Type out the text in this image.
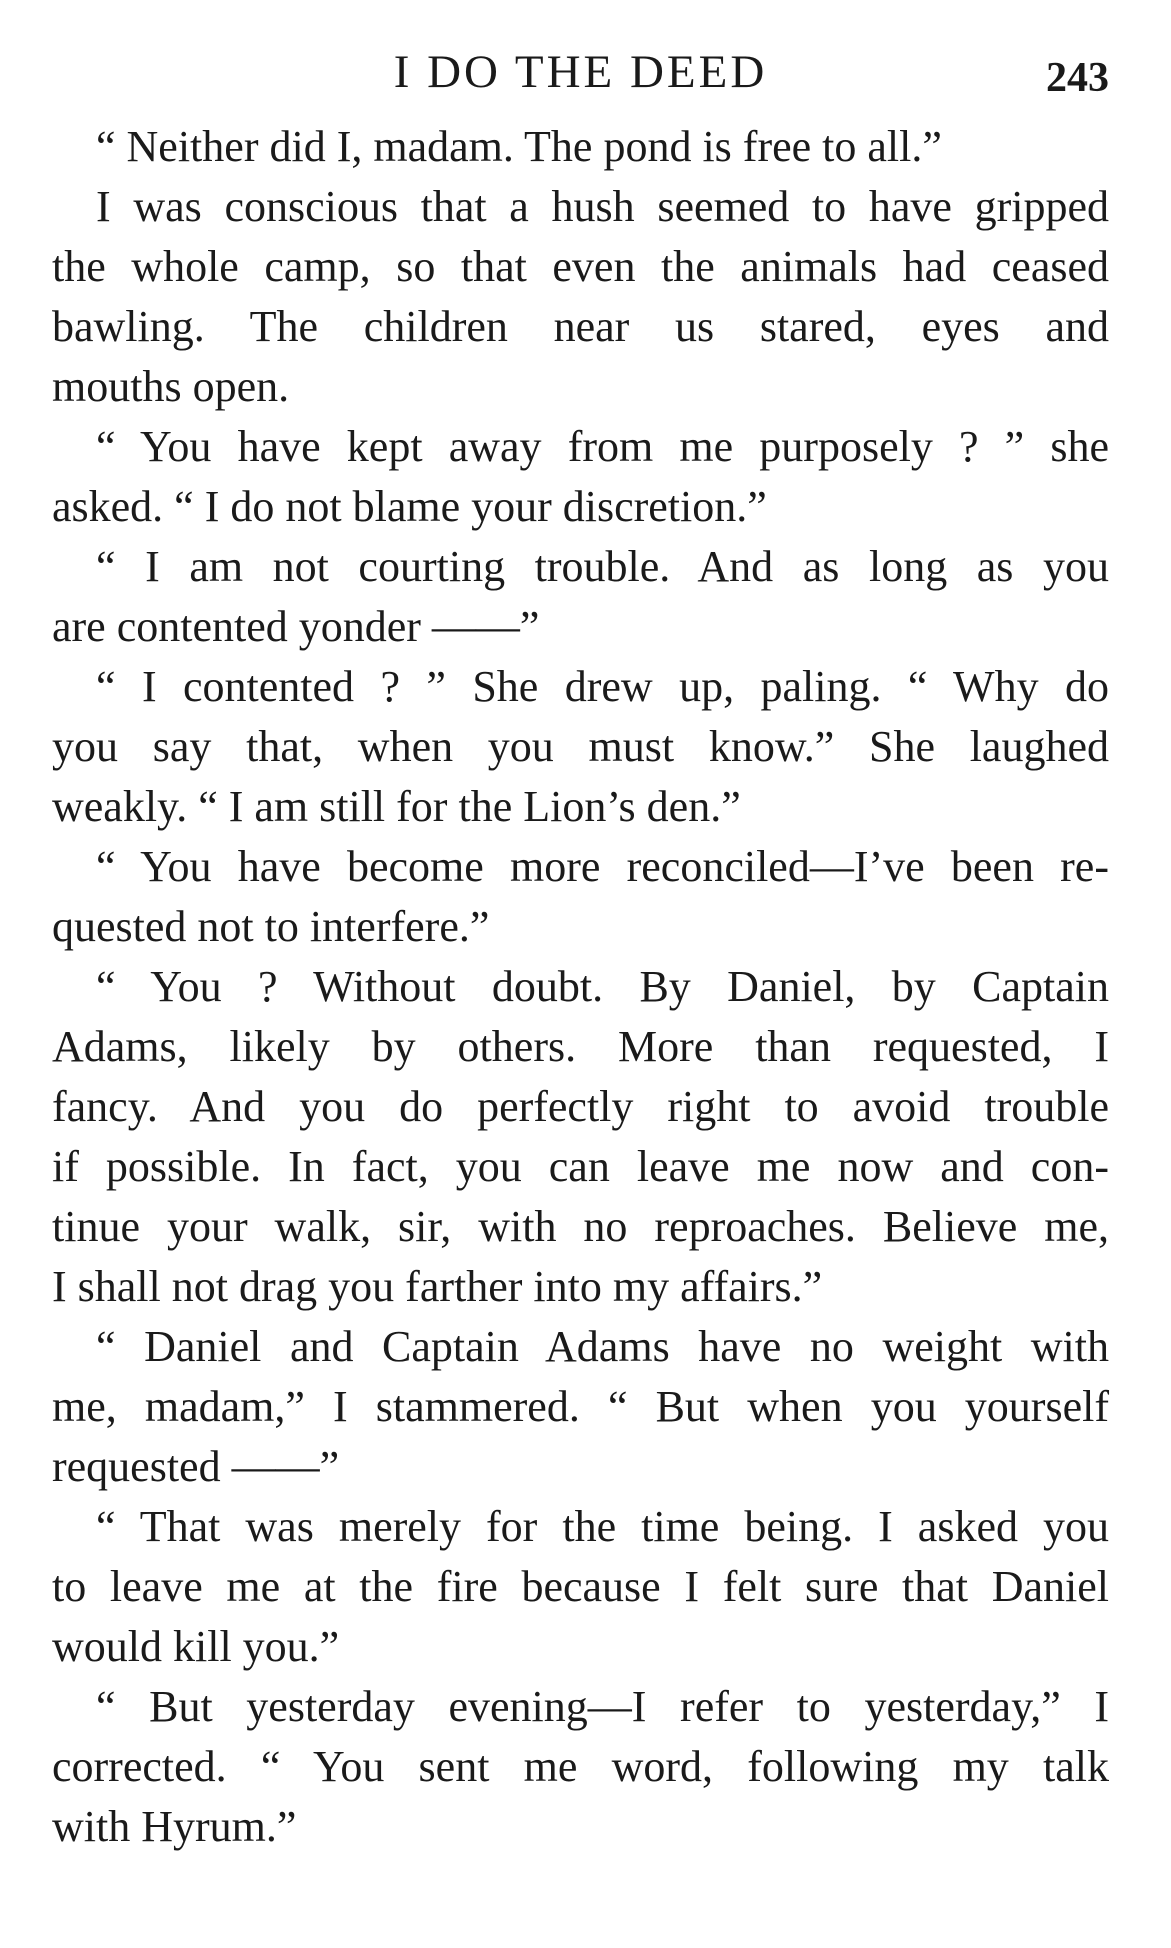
I DO THE DEED	243
“ Neither did I, madam. The pond is free to all.”
I was conscious that a hush seemed to have gripped
the whole camp, so that even the animals had ceased
bawling. The children near us stared, eyes and
mouths open.
“ You have kept away from me purposely ? ” she
asked. “ I do not blame your discretion.”
“ I am not courting trouble. And as long as you
are contented yonder ——”
“ I contented ? ” She drew up, paling. “ Why do
you say that, when you must know.” She laughed
weakly. “ I am still for the Lion’s den.”
“ You have become more reconciled—I’ve been re-
quested not to interfere.”
“ You ? Without doubt. By Daniel, by Captain
Adams, likely by others. More than requested, I
fancy. And you do perfectly right to avoid trouble
if possible. In fact, you can leave me now and con-
tinue your walk, sir, with no reproaches. Believe me,
I shall not drag you farther into my affairs.”
“ Daniel and Captain Adams have no weight with
me, madam,” I stammered. “ But when you yourself
requested ——”
“ That was merely for the time being. I asked you
to leave me at the fire because I felt sure that Daniel
would kill you.”
“ But yesterday evening—I refer to yesterday,” I
corrected. “ You sent me word, following my talk
with Hyrum.”
